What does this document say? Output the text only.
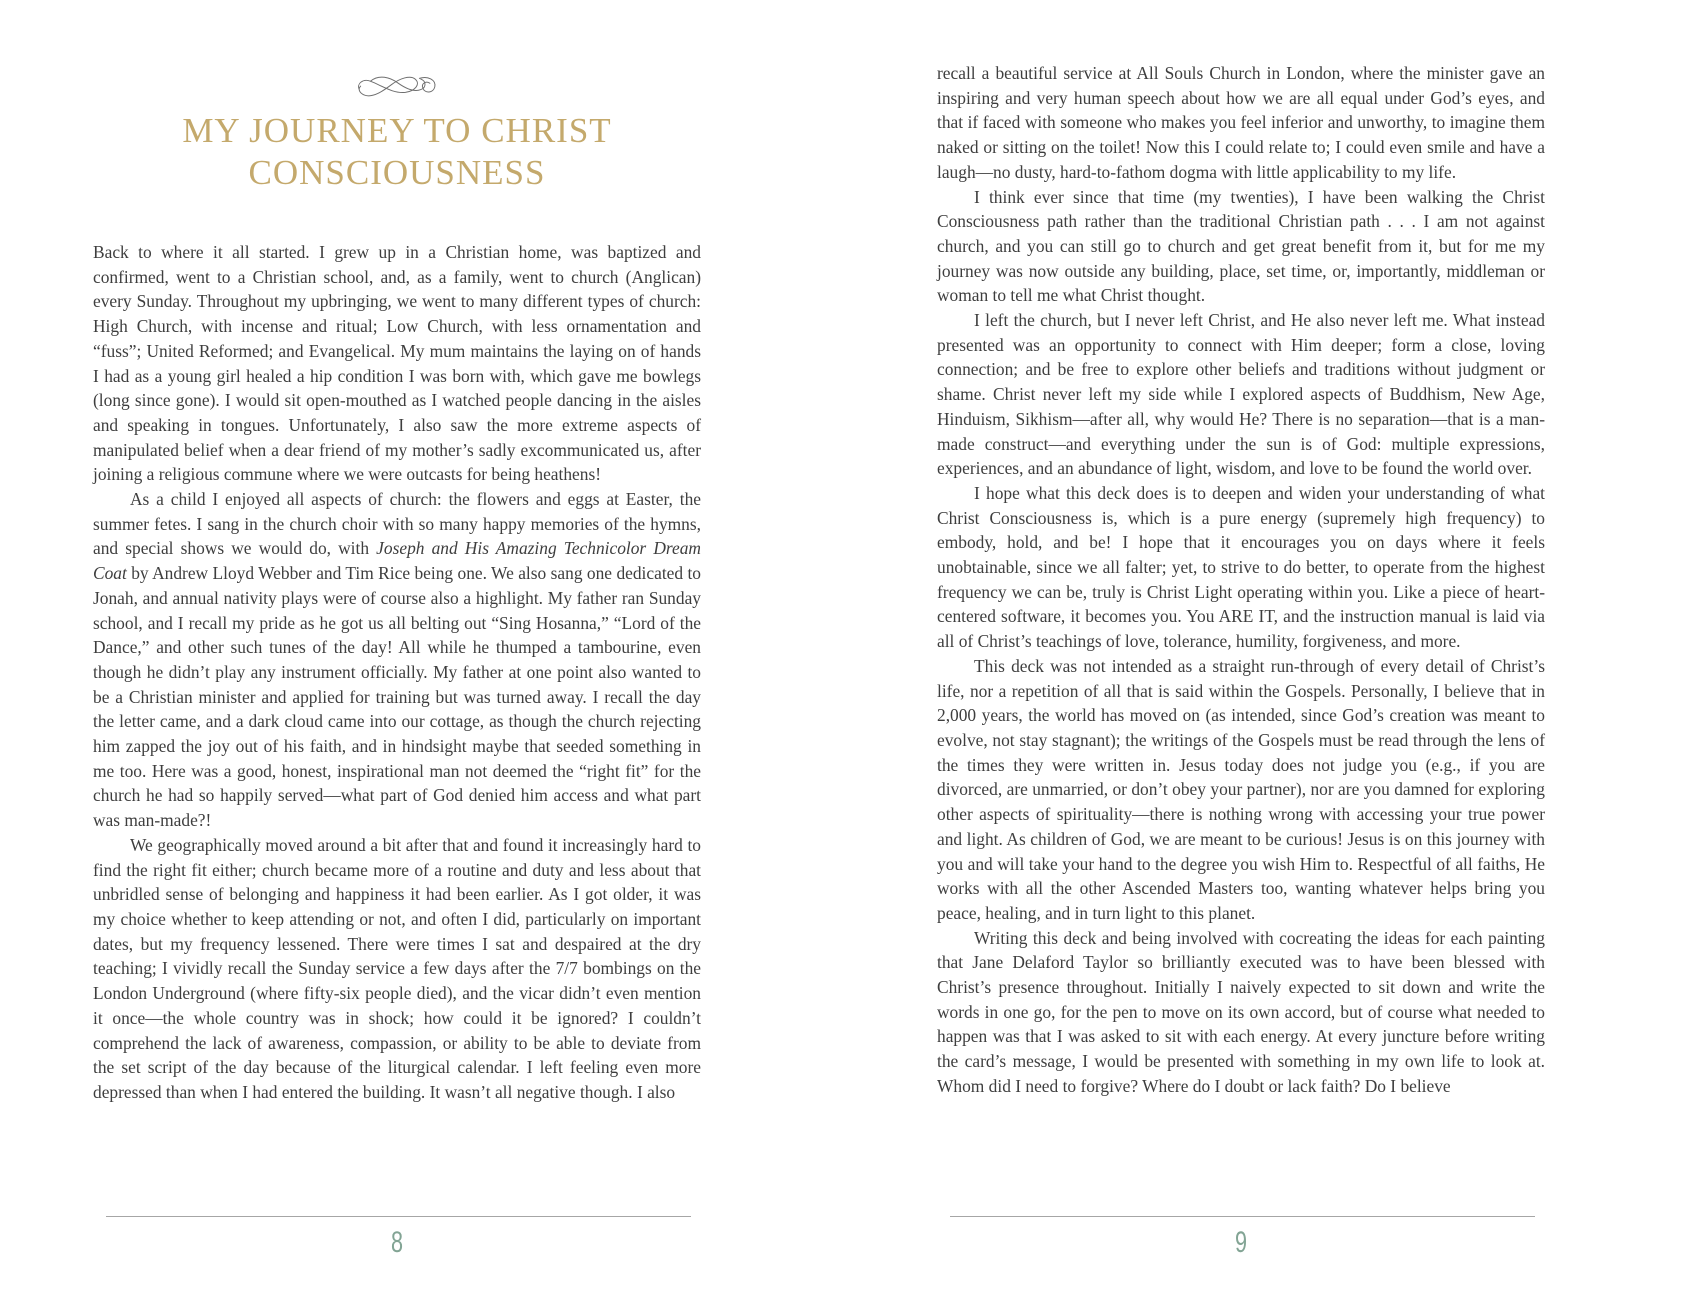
MY JOURNEY TO CHRIST
CONSCIOUSNESS

Back to where it all started. I grew up in a Christian home, was baptized and confirmed, went to a Christian school, and, as a family, went to church (Anglican) every Sunday. Throughout my upbringing, we went to many different types of church: High Church, with incense and ritual; Low Church, with less ornamentation and “fuss”; United Reformed; and Evangelical. My mum maintains the laying on of hands I had as a young girl healed a hip condition I was born with, which gave me bowlegs (long since gone). I would sit open-mouthed as I watched people dancing in the aisles and speaking in tongues. Unfortunately, I also saw the more extreme aspects of manipulated belief when a dear friend of my mother’s sadly excommunicated us, after joining a religious commune where we were outcasts for being heathens!

As a child I enjoyed all aspects of church: the flowers and eggs at Easter, the summer fetes. I sang in the church choir with so many happy memories of the hymns, and special shows we would do, with Joseph and His Amazing Technicolor Dream Coat by Andrew Lloyd Webber and Tim Rice being one. We also sang one dedicated to Jonah, and annual nativity plays were of course also a highlight. My father ran Sunday school, and I recall my pride as he got us all belting out “Sing Hosanna,” “Lord of the Dance,” and other such tunes of the day! All while he thumped a tambourine, even though he didn’t play any instrument officially. My father at one point also wanted to be a Christian minister and applied for training but was turned away. I recall the day the letter came, and a dark cloud came into our cottage, as though the church rejecting him zapped the joy out of his faith, and in hindsight maybe that seeded something in me too. Here was a good, honest, inspirational man not deemed the “right fit” for the church he had so happily served—what part of God denied him access and what part was man-made?!

We geographically moved around a bit after that and found it increasingly hard to find the right fit either; church became more of a routine and duty and less about that unbridled sense of belonging and happiness it had been earlier. As I got older, it was my choice whether to keep attending or not, and often I did, particularly on important dates, but my frequency lessened. There were times I sat and despaired at the dry teaching; I vividly recall the Sunday service a few days after the 7/7 bombings on the London Underground (where fifty-six people died), and the vicar didn’t even mention it once—the whole country was in shock; how could it be ignored? I couldn’t comprehend the lack of awareness, compassion, or ability to be able to deviate from the set script of the day because of the liturgical calendar. I left feeling even more depressed than when I had entered the building. It wasn’t all negative though. I also

8

recall a beautiful service at All Souls Church in London, where the minister gave an inspiring and very human speech about how we are all equal under God’s eyes, and that if faced with someone who makes you feel inferior and unworthy, to imagine them naked or sitting on the toilet! Now this I could relate to; I could even smile and have a laugh—no dusty, hard-to-fathom dogma with little applicability to my life.

I think ever since that time (my twenties), I have been walking the Christ Consciousness path rather than the traditional Christian path . . . I am not against church, and you can still go to church and get great benefit from it, but for me my journey was now outside any building, place, set time, or, importantly, middleman or woman to tell me what Christ thought.

I left the church, but I never left Christ, and He also never left me. What instead presented was an opportunity to connect with Him deeper; form a close, loving connection; and be free to explore other beliefs and traditions without judgment or shame. Christ never left my side while I explored aspects of Buddhism, New Age, Hinduism, Sikhism—after all, why would He? There is no separation—that is a man-made construct—and everything under the sun is of God: multiple expressions, experiences, and an abundance of light, wisdom, and love to be found the world over.

I hope what this deck does is to deepen and widen your understanding of what Christ Consciousness is, which is a pure energy (supremely high frequency) to embody, hold, and be! I hope that it encourages you on days where it feels unobtainable, since we all falter; yet, to strive to do better, to operate from the highest frequency we can be, truly is Christ Light operating within you. Like a piece of heart-centered software, it becomes you. You ARE IT, and the instruction manual is laid via all of Christ’s teachings of love, tolerance, humility, forgiveness, and more.

This deck was not intended as a straight run-through of every detail of Christ’s life, nor a repetition of all that is said within the Gospels. Personally, I believe that in 2,000 years, the world has moved on (as intended, since God’s creation was meant to evolve, not stay stagnant); the writings of the Gospels must be read through the lens of the times they were written in. Jesus today does not judge you (e.g., if you are divorced, are unmarried, or don’t obey your partner), nor are you damned for exploring other aspects of spirituality—there is nothing wrong with accessing your true power and light. As children of God, we are meant to be curious! Jesus is on this journey with you and will take your hand to the degree you wish Him to. Respectful of all faiths, He works with all the other Ascended Masters too, wanting whatever helps bring you peace, healing, and in turn light to this planet.

Writing this deck and being involved with cocreating the ideas for each painting that Jane Delaford Taylor so brilliantly executed was to have been blessed with Christ’s presence throughout. Initially I naively expected to sit down and write the words in one go, for the pen to move on its own accord, but of course what needed to happen was that I was asked to sit with each energy. At every juncture before writing the card’s message, I would be presented with something in my own life to look at. Whom did I need to forgive? Where do I doubt or lack faith? Do I believe

9
